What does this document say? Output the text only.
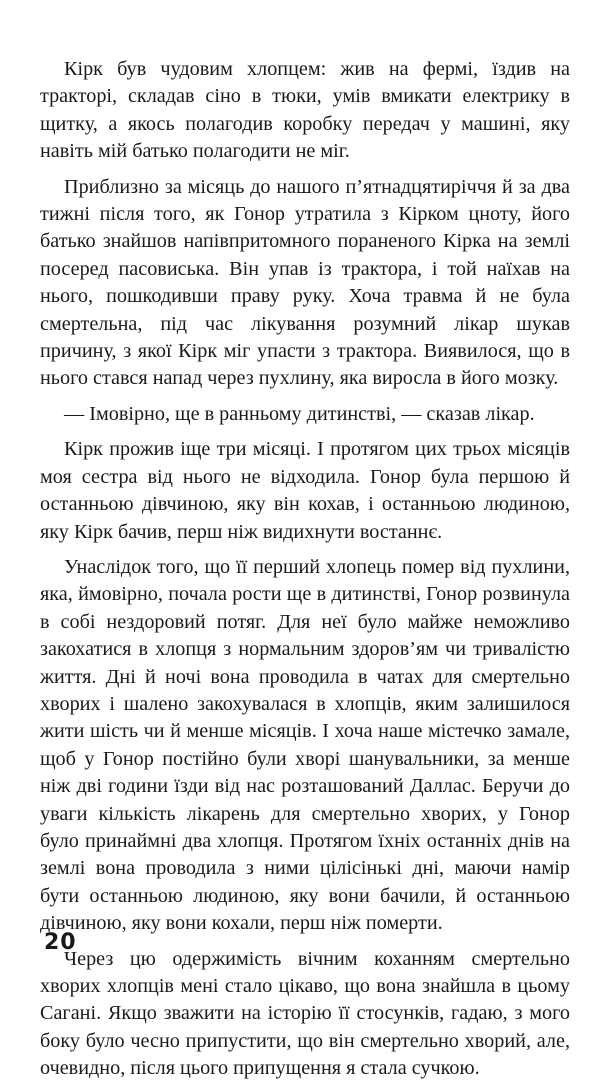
Кірк був чудовим хлопцем: жив на фермі, їздив на тракторі, складав сіно в тюки, умів вмикати електрику в щитку, а якось полагодив коробку передач у машині, яку навіть мій батько полагодити не міг.

Приблизно за місяць до нашого п’ятнадцятиріччя й за два тижні після того, як Гонор утратила з Кірком цноту, його батько знайшов напівпритомного пораненого Кірка на землі посеред пасовиська. Він упав із трактора, і той наїхав на нього, пошкодивши праву руку. Хоча травма й не була смертельна, під час лікування розумний лікар шукав причину, з якої Кірк міг упасти з трактора. Виявилося, що в нього стався напад через пухлину, яка виросла в його мозку.

— Імовірно, ще в ранньому дитинстві, — сказав лікар.

Кірк прожив іще три місяці. І протягом цих трьох місяців моя сестра від нього не відходила. Гонор була першою й останньою дівчиною, яку він кохав, і останньою людиною, яку Кірк бачив, перш ніж видихнути востаннє.

Унаслідок того, що її перший хлопець помер від пухлини, яка, ймовірно, почала рости ще в дитинстві, Гонор розвинула в собі нездоровий потяг. Для неї було майже неможливо закохатися в хлопця з нормальним здоров’ям чи тривалістю життя. Дні й ночі вона проводила в чатах для смертельно хворих і шалено закохувалася в хлопців, яким залишилося жити шість чи й менше місяців. І хоча наше містечко замале, щоб у Гонор постійно були хворі шанувальники, за менше ніж дві години їзди від нас розташований Даллас. Беручи до уваги кількість лікарень для смертельно хворих, у Гонор було принаймні два хлопця. Протягом їхніх останніх днів на землі вона проводила з ними цілісінькі дні, маючи намір бути останньою людиною, яку вони бачили, й останньою дівчиною, яку вони кохали, перш ніж померти.

Через цю одержимість вічним коханням смертельно хворих хлопців мені стало цікаво, що вона знайшла в цьому Сагані. Якщо зважити на історію її стосунків, гадаю, з мого боку було чесно припустити, що він смертельно хворий, але, очевидно, після цього припущення я стала сучкою.

20
